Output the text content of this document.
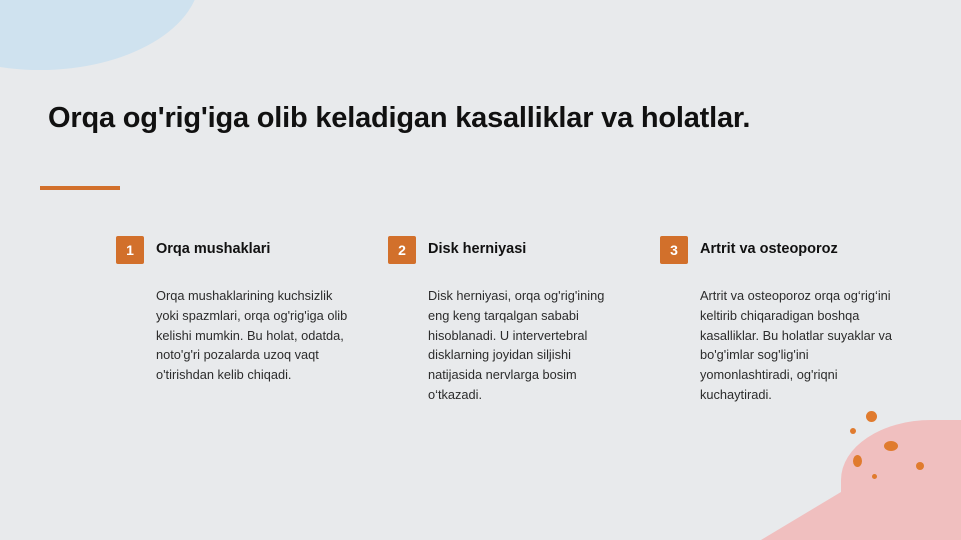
Orqa og'rig'iga olib keladigan kasalliklar va holatlar.
1	Orqa mushaklari
Orqa mushaklarining kuchsizlik yoki spazmlari, orqa og'rig'iga olib kelishi mumkin. Bu holat, odatda, noto'g'ri pozalarda uzoq vaqt o'tirishdan kelib chiqadi.
2	Disk herniyasi
Disk herniyasi, orqa og'rig'ining eng keng tarqalgan sababi hisoblanadi. U intervertebral disklarning joyidan siljishi natijasida nervlarga bosim o‘tkazadi.
3	Artrit va osteoporoz
Artrit va osteoporoz orqa og‘rig‘ini keltirib chiqaradigan boshqa kasalliklar. Bu holatlar suyaklar va bo'g'imlar sog'lig'ini yomonlashtiradi, og'riqni kuchaytiradi.
